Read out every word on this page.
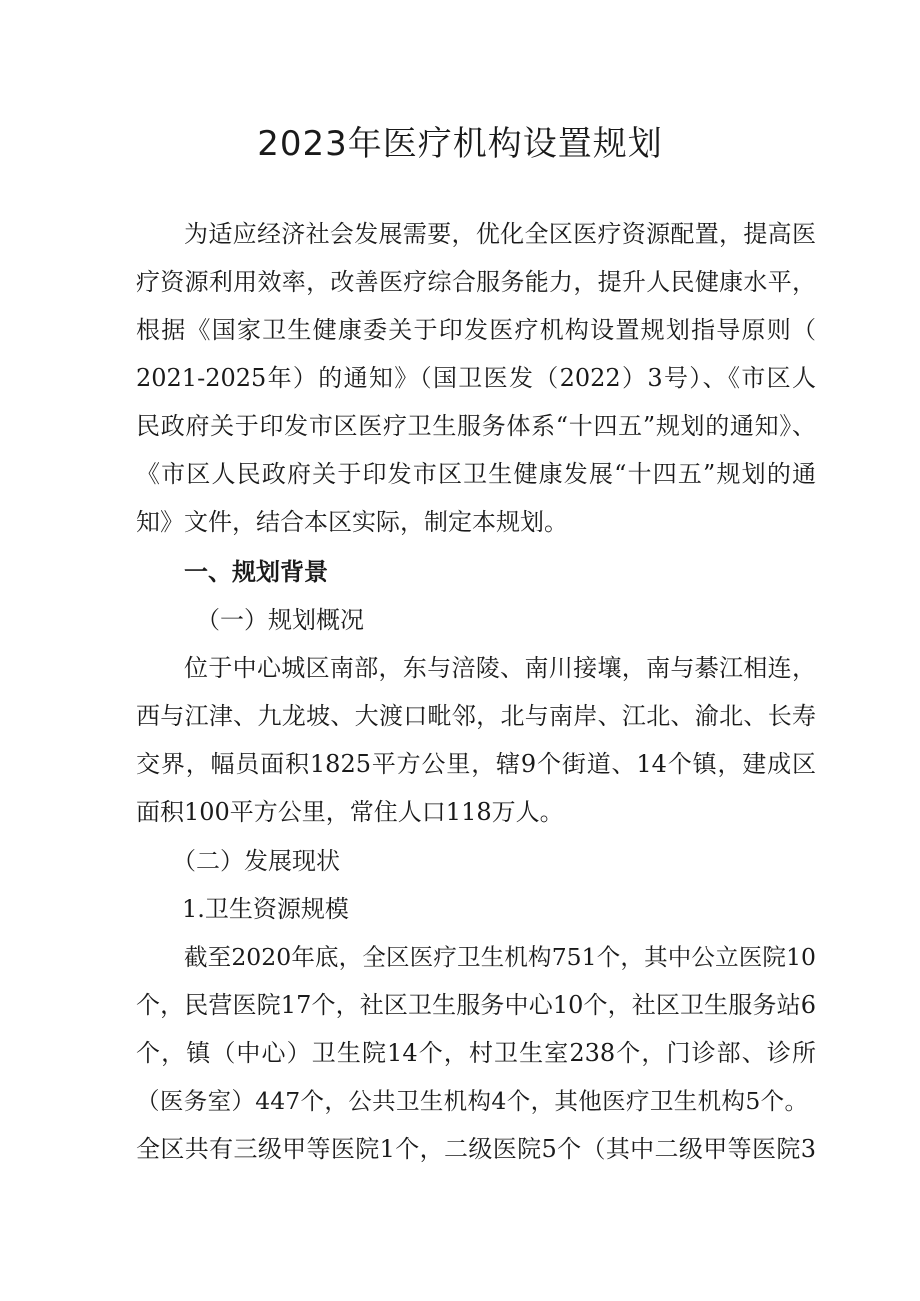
2023年医疗机构设置规划
为适应经济社会发展需要，优化全区医疗资源配置，提高医
疗资源利用效率，改善医疗综合服务能力，提升人民健康水平，
根据《国家卫生健康委关于印发医疗机构设置规划指导原则（
2021-2025年）的通知》（国卫医发（2022）3号）、《市区人
民政府关于印发市区医疗卫生服务体系“十四五”规划的通知》、
《市区人民政府关于印发市区卫生健康发展“十四五”规划的通
知》文件，结合本区实际，制定本规划。
一、规划背景
（一）规划概况
位于中心城区南部，东与涪陵、南川接壤，南与綦江相连，
西与江津、九龙坡、大渡口毗邻，北与南岸、江北、渝北、长寿
交界，幅员面积1825平方公里，辖9个街道、14个镇，建成区
面积100平方公里，常住人口118万人。
（二）发展现状
1.卫生资源规模
截至2020年底，全区医疗卫生机构751个，其中公立医院10
个，民营医院17个，社区卫生服务中心10个，社区卫生服务站6
个，镇（中心）卫生院14个，村卫生室238个，门诊部、诊所
（医务室）447个，公共卫生机构4个，其他医疗卫生机构5个。
全区共有三级甲等医院1个，二级医院5个（其中二级甲等医院3
